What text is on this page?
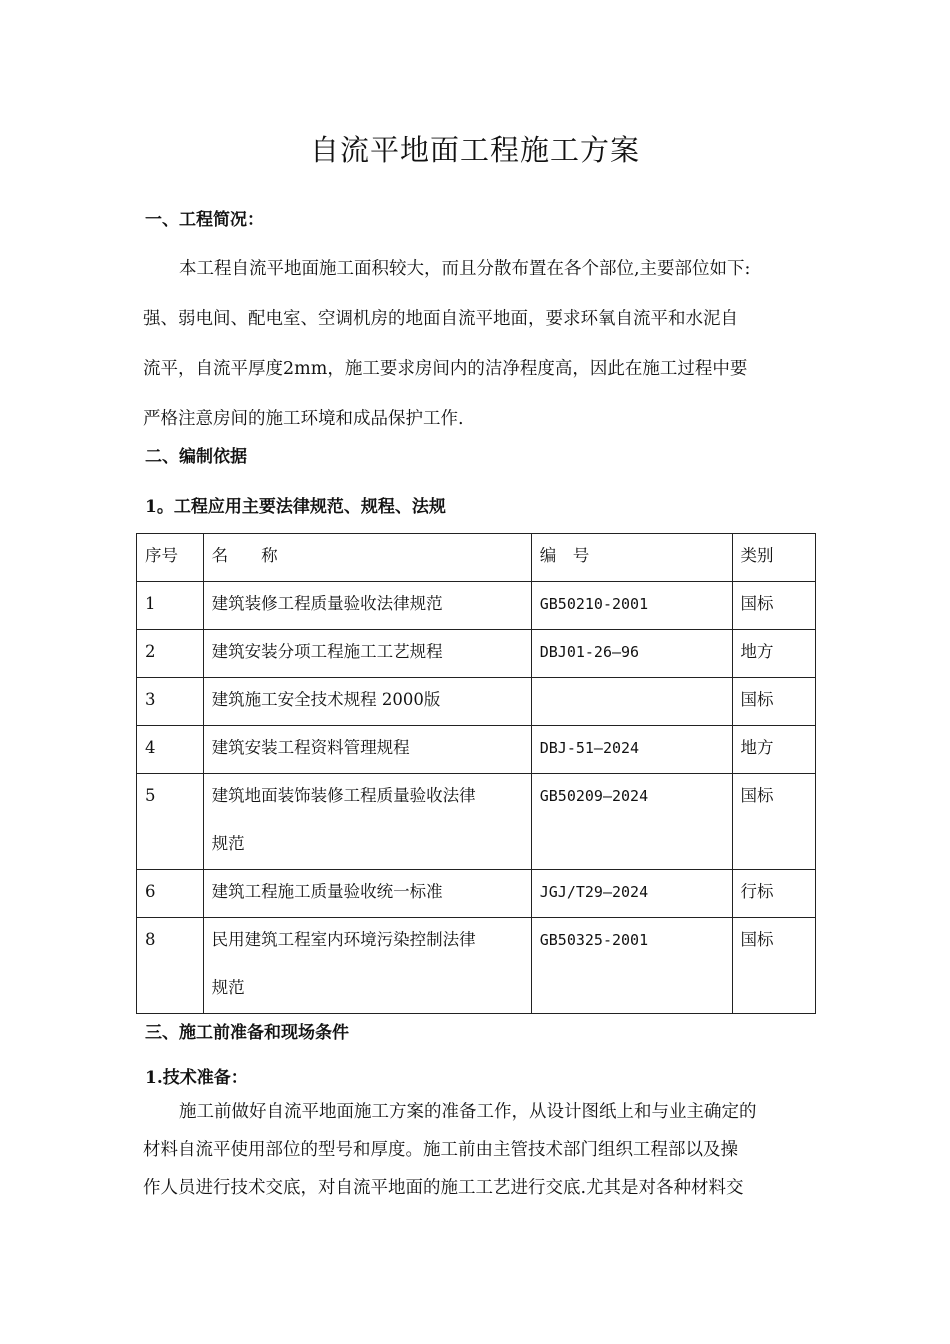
自流平地面工程施工方案
一、工程简况：
本工程自流平地面施工面积较大，而且分散布置在各个部位,主要部位如下:
强、弱电间、配电室、空调机房的地面自流平地面，要求环氧自流平和水泥自
流平，自流平厚度2mm，施工要求房间内的洁净程度高，因此在施工过程中要
严格注意房间的施工环境和成品保护工作.
二、编制依据
1。工程应用主要法律规范、规程、法规
序号	名　　称	编　号	类别
1	建筑装修工程质量验收法律规范	GB50210-2001	国标
2	建筑安装分项工程施工工艺规程	DBJ01-26—96	地方
3	建筑施工安全技术规程 2000版		国标
4	建筑安装工程资料管理规程	DBJ-51—2024	地方
5	建筑地面装饰装修工程质量验收法律
规范	GB50209—2024	国标
6	建筑工程施工质量验收统一标准	JGJ/T29—2024	行标
8	民用建筑工程室内环境污染控制法律
规范	GB50325-2001	国标
三、施工前准备和现场条件
1.技术准备：
施工前做好自流平地面施工方案的准备工作，从设计图纸上和与业主确定的
材料自流平使用部位的型号和厚度。施工前由主管技术部门组织工程部以及操
作人员进行技术交底，对自流平地面的施工工艺进行交底.尤其是对各种材料交
